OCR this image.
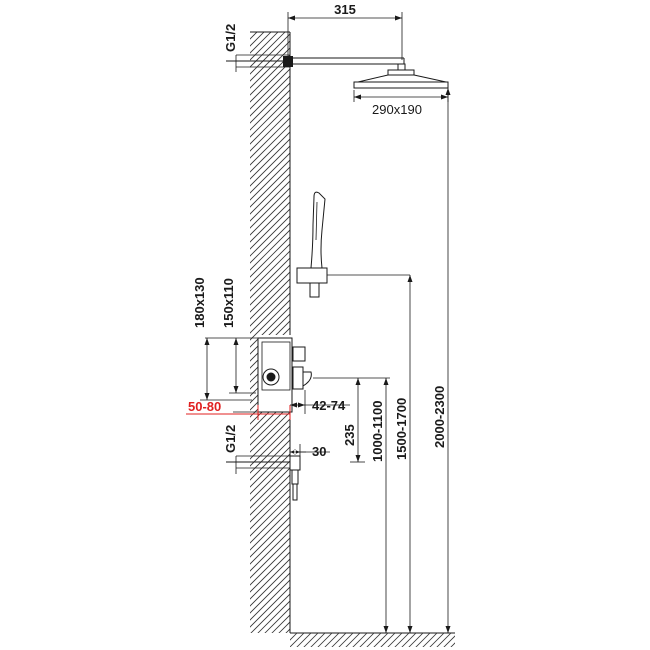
315
G1/2
290x190
180x130 150x110
50-80	42-74
235
G1/2	30	1000-1100 1500-1700 2000-2300
